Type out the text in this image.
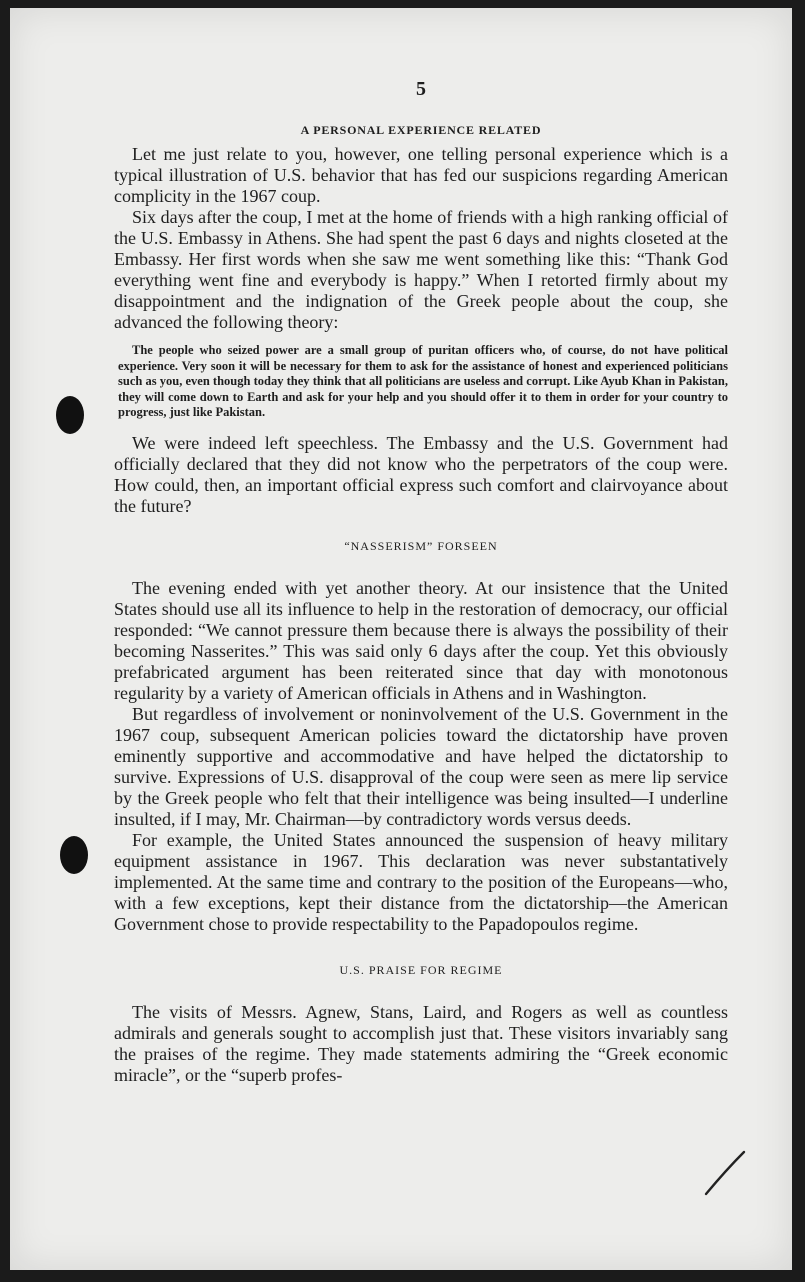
5
A PERSONAL EXPERIENCE RELATED

Let me just relate to you, however, one telling personal experience which is a typical illustration of U.S. behavior that has fed our suspicions regarding American complicity in the 1967 coup.

Six days after the coup, I met at the home of friends with a high ranking official of the U.S. Embassy in Athens. She had spent the past 6 days and nights closeted at the Embassy. Her first words when she saw me went something like this: “Thank God everything went fine and everybody is happy.” When I retorted firmly about my disappointment and the indignation of the Greek people about the coup, she advanced the following theory:

The people who seized power are a small group of puritan officers who, of course, do not have political experience. Very soon it will be necessary for them to ask for the assistance of honest and experienced politicians such as you, even though today they think that all politicians are useless and corrupt. Like Ayub Khan in Pakistan, they will come down to Earth and ask for your help and you should offer it to them in order for your country to progress, just like Pakistan.

We were indeed left speechless. The Embassy and the U.S. Government had officially declared that they did not know who the perpetrators of the coup were. How could, then, an important official express such comfort and clairvoyance about the future?

“NASSERISM” FORSEEN

The evening ended with yet another theory. At our insistence that the United States should use all its influence to help in the restoration of democracy, our official responded: “We cannot pressure them because there is always the possibility of their becoming Nasserites.” This was said only 6 days after the coup. Yet this obviously prefabricated argument has been reiterated since that day with monotonous regularity by a variety of American officials in Athens and in Washington.

But regardless of involvement or noninvolvement of the U.S. Government in the 1967 coup, subsequent American policies toward the dictatorship have proven eminently supportive and accommodative and have helped the dictatorship to survive. Expressions of U.S. disapproval of the coup were seen as mere lip service by the Greek people who felt that their intelligence was being insulted—I underline insulted, if I may, Mr. Chairman—by contradictory words versus deeds.

For example, the United States announced the suspension of heavy military equipment assistance in 1967. This declaration was never substantatively implemented. At the same time and contrary to the position of the Europeans—who, with a few exceptions, kept their distance from the dictatorship—the American Government chose to provide respectability to the Papadopoulos regime.

U.S. PRAISE FOR REGIME

The visits of Messrs. Agnew, Stans, Laird, and Rogers as well as countless admirals and generals sought to accomplish just that. These visitors invariably sang the praises of the regime. They made statements admiring the “Greek economic miracle”, or the “superb profes-
